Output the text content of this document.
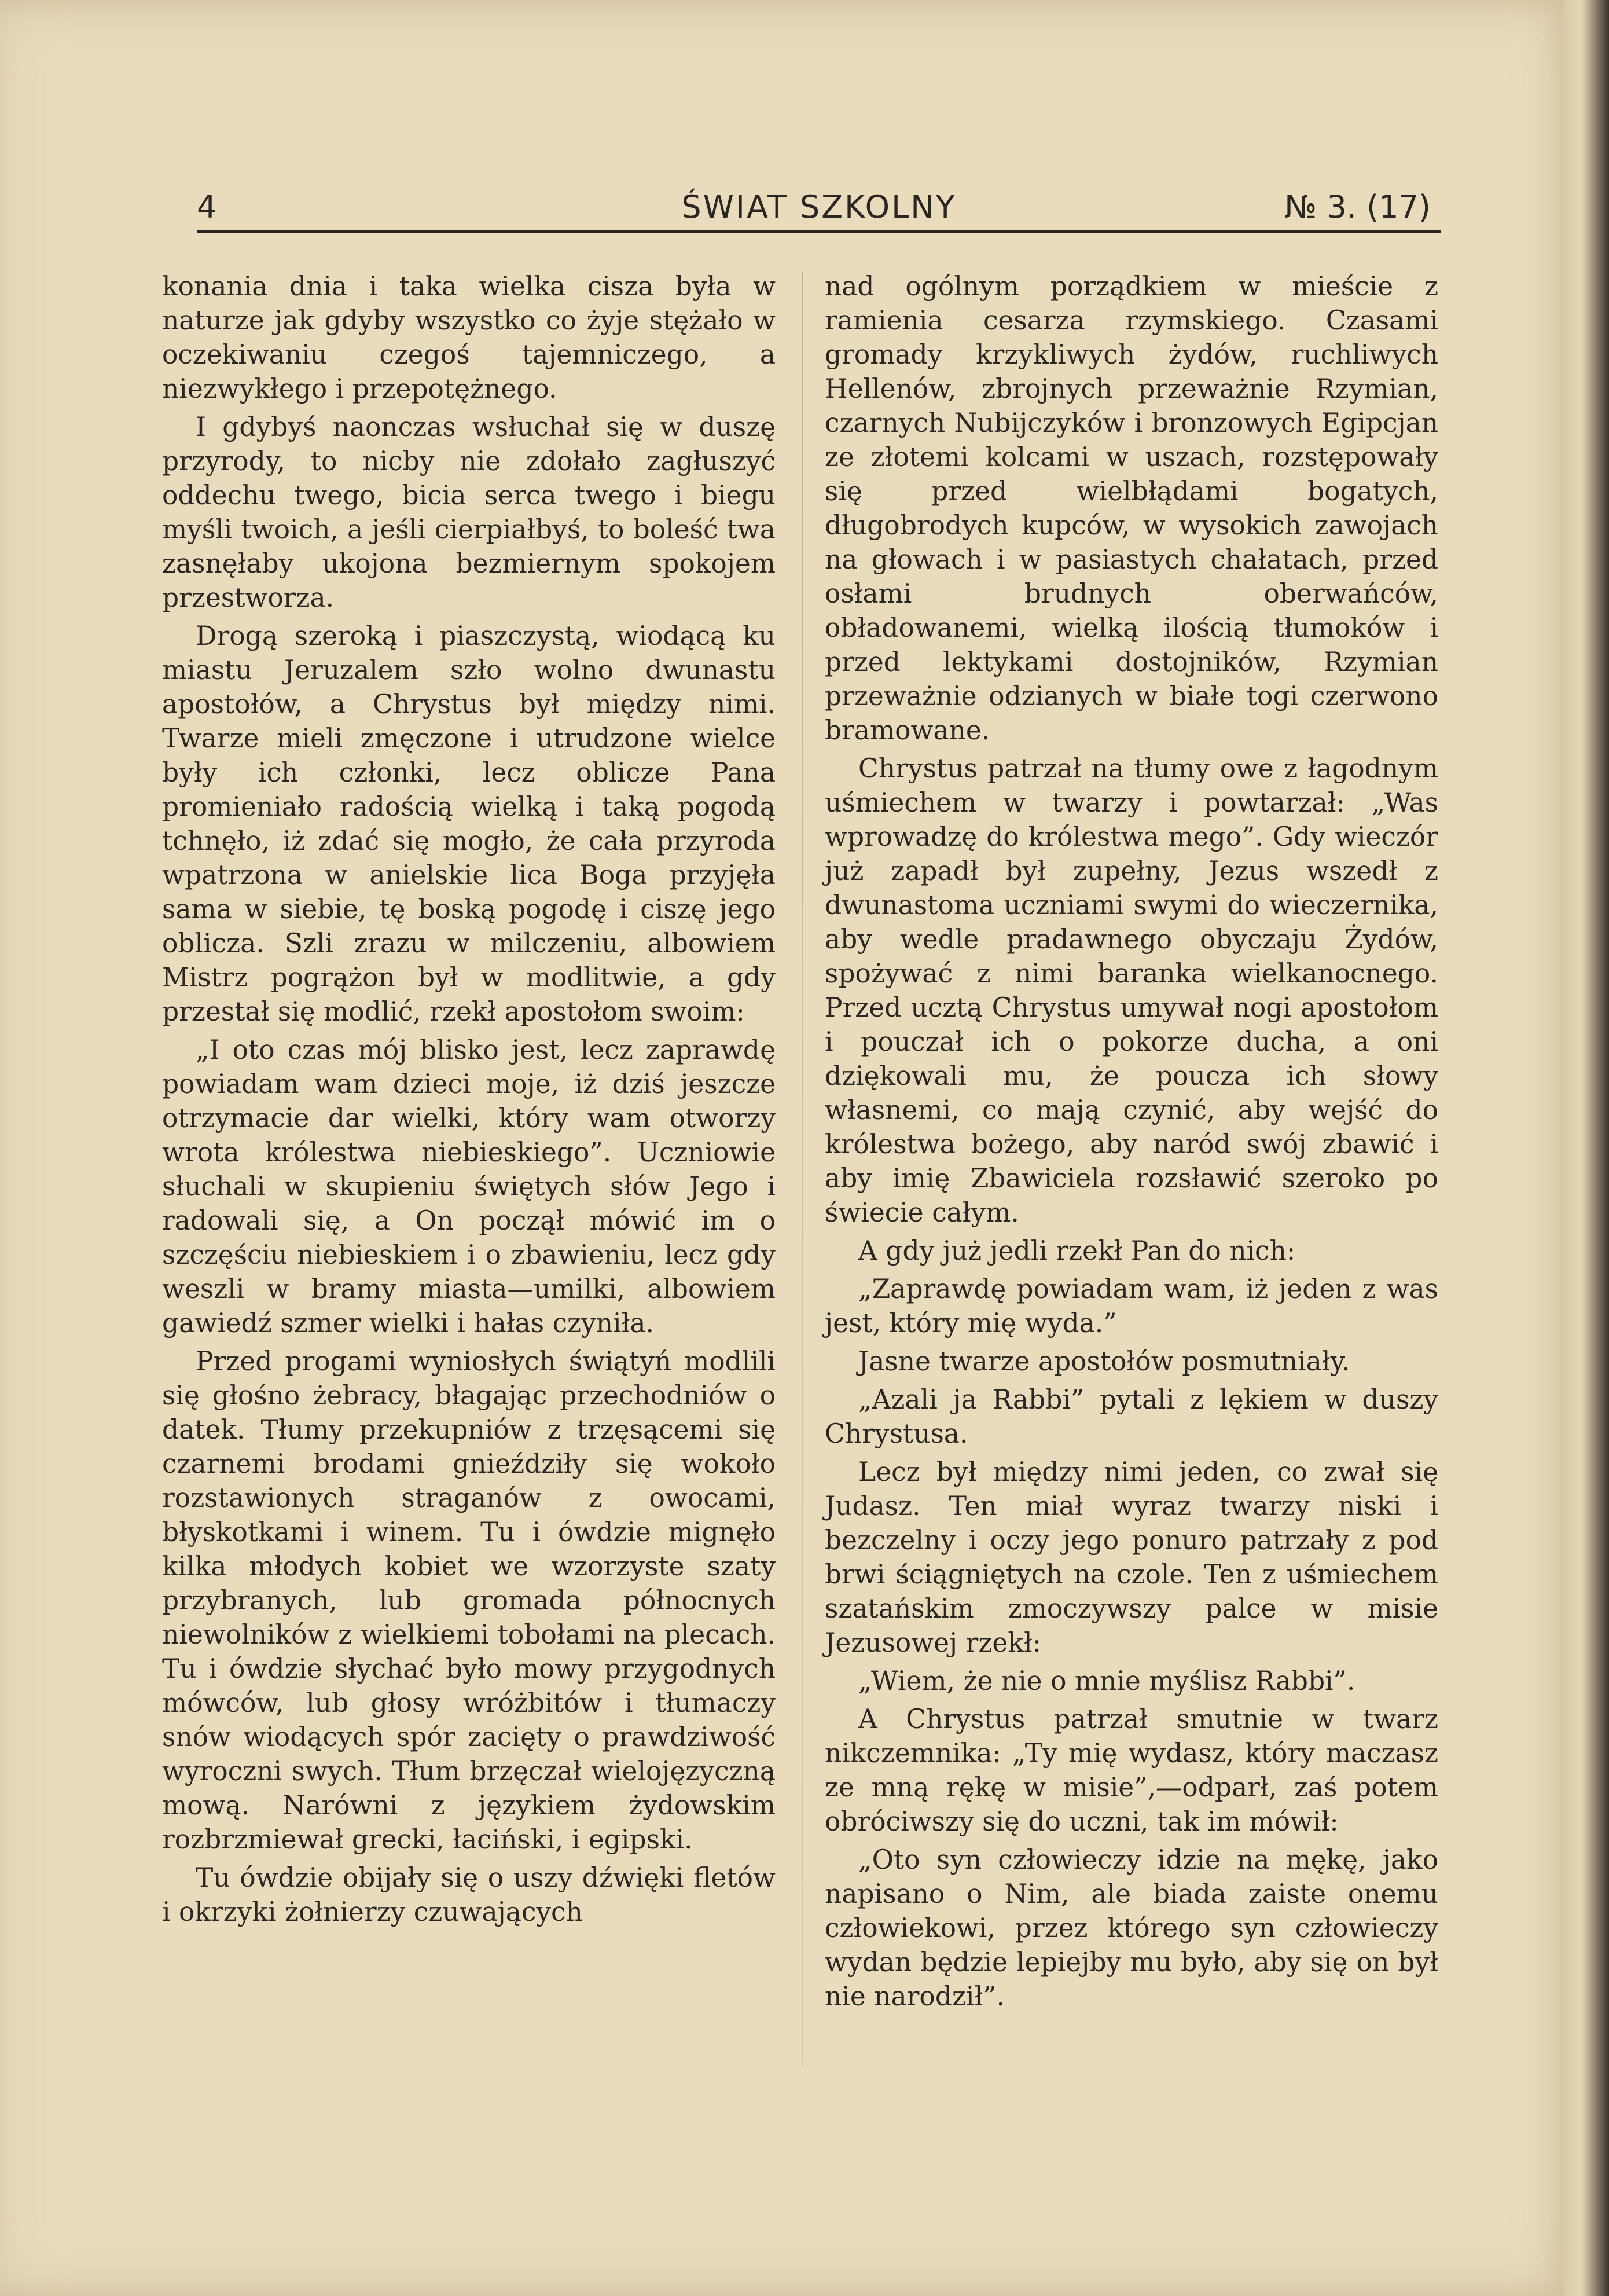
4	ŚWIAT SZKOLNY	№ 3. (17)

konania dnia i taka wielka cisza była w naturze jak gdyby wszystko co żyje stężało w oczekiwaniu czegoś tajemniczego, a niezwykłego i przepotężnego.

I gdybyś naonczas wsłuchał się w duszę przyrody, to nicby nie zdołało zagłuszyć oddechu twego, bicia serca twego i biegu myśli twoich, a jeśli cierpiałbyś, to boleść twa zasnęłaby ukojona bezmiernym spokojem przestworza.

Drogą szeroką i piaszczystą, wiodącą ku miastu Jeruzalem szło wolno dwunastu apostołów, a Chrystus był między nimi. Twarze mieli zmęczone i utrudzone wielce były ich członki, lecz oblicze Pana promieniało radością wielką i taką pogodą tchnęło, iż zdać się mogło, że cała przyroda wpatrzona w anielskie lica Boga przyjęła sama w siebie, tę boską pogodę i ciszę jego oblicza. Szli zrazu w milczeniu, albowiem Mistrz pogrążon był w modlitwie, a gdy przestał się modlić, rzekł apostołom swoim:

„I oto czas mój blisko jest, lecz zaprawdę powiadam wam dzieci moje, iż dziś jeszcze otrzymacie dar wielki, który wam otworzy wrota królestwa niebieskiego”. Uczniowie słuchali w skupieniu świętych słów Jego i radowali się, a On począł mówić im o szczęściu niebieskiem i o zbawieniu, lecz gdy weszli w bramy miasta—umilki, albowiem gawiedź szmer wielki i hałas czyniła.

Przed progami wyniosłych świątyń modlili się głośno żebracy, błagając przechodniów o datek. Tłumy przekupniów z trzęsącemi się czarnemi brodami gnieździły się wokoło rozstawionych straganów z owocami, błyskotkami i winem. Tu i ówdzie mignęło kilka młodych kobiet we wzorzyste szaty przybranych, lub gromada północnych niewolników z wielkiemi tobołami na plecach. Tu i ówdzie słychać było mowy przygodnych mówców, lub głosy wróżbitów i tłumaczy snów wiodących spór zacięty o prawdziwość wyroczni swych. Tłum brzęczał wielojęzyczną mową. Narówni z językiem żydowskim rozbrzmiewał grecki, łaciński, i egipski.

Tu ówdzie obijały się o uszy dźwięki fletów i okrzyki żołnierzy czuwających

nad ogólnym porządkiem w mieście z ramienia cesarza rzymskiego. Czasami gromady krzykliwych żydów, ruchliwych Hellenów, zbrojnych przeważnie Rzymian, czarnych Nubijczyków i bronzowych Egipcjan ze złotemi kolcami w uszach, rozstępowały się przed wielbłądami bogatych, długobrodych kupców, w wysokich zawojach na głowach i w pasiastych chałatach, przed osłami brudnych oberwańców, obładowanemi, wielką ilością tłumoków i przed lektykami dostojników, Rzymian przeważnie odzianych w białe togi czerwono bramowane.

Chrystus patrzał na tłumy owe z łagodnym uśmiechem w twarzy i powtarzał: „Was wprowadzę do królestwa mego”. Gdy wieczór już zapadł był zupełny, Jezus wszedł z dwunastoma uczniami swymi do wieczernika, aby wedle pradawnego obyczaju Żydów, spożywać z nimi baranka wielkanocnego. Przed ucztą Chrystus umywał nogi apostołom i pouczał ich o pokorze ducha, a oni dziękowali mu, że poucza ich słowy własnemi, co mają czynić, aby wejść do królestwa bożego, aby naród swój zbawić i aby imię Zbawiciela rozsławić szeroko po świecie całym.

A gdy już jedli rzekł Pan do nich:

„Zaprawdę powiadam wam, iż jeden z was jest, który mię wyda.”

Jasne twarze apostołów posmutniały.

„Azali ja Rabbi” pytali z lękiem w duszy Chrystusa.

Lecz był między nimi jeden, co zwał się Judasz. Ten miał wyraz twarzy niski i bezczelny i oczy jego ponuro patrzały z pod brwi ściągniętych na czole. Ten z uśmiechem szatańskim zmoczywszy palce w misie Jezusowej rzekł:

„Wiem, że nie o mnie myślisz Rabbi”.

A Chrystus patrzał smutnie w twarz nikczemnika: „Ty mię wydasz, który maczasz ze mną rękę w misie”,—odparł, zaś potem obróciwszy się do uczni, tak im mówił:

„Oto syn człowieczy idzie na mękę, jako napisano o Nim, ale biada zaiste onemu człowiekowi, przez którego syn człowieczy wydan będzie lepiejby mu było, aby się on był nie narodził”.
